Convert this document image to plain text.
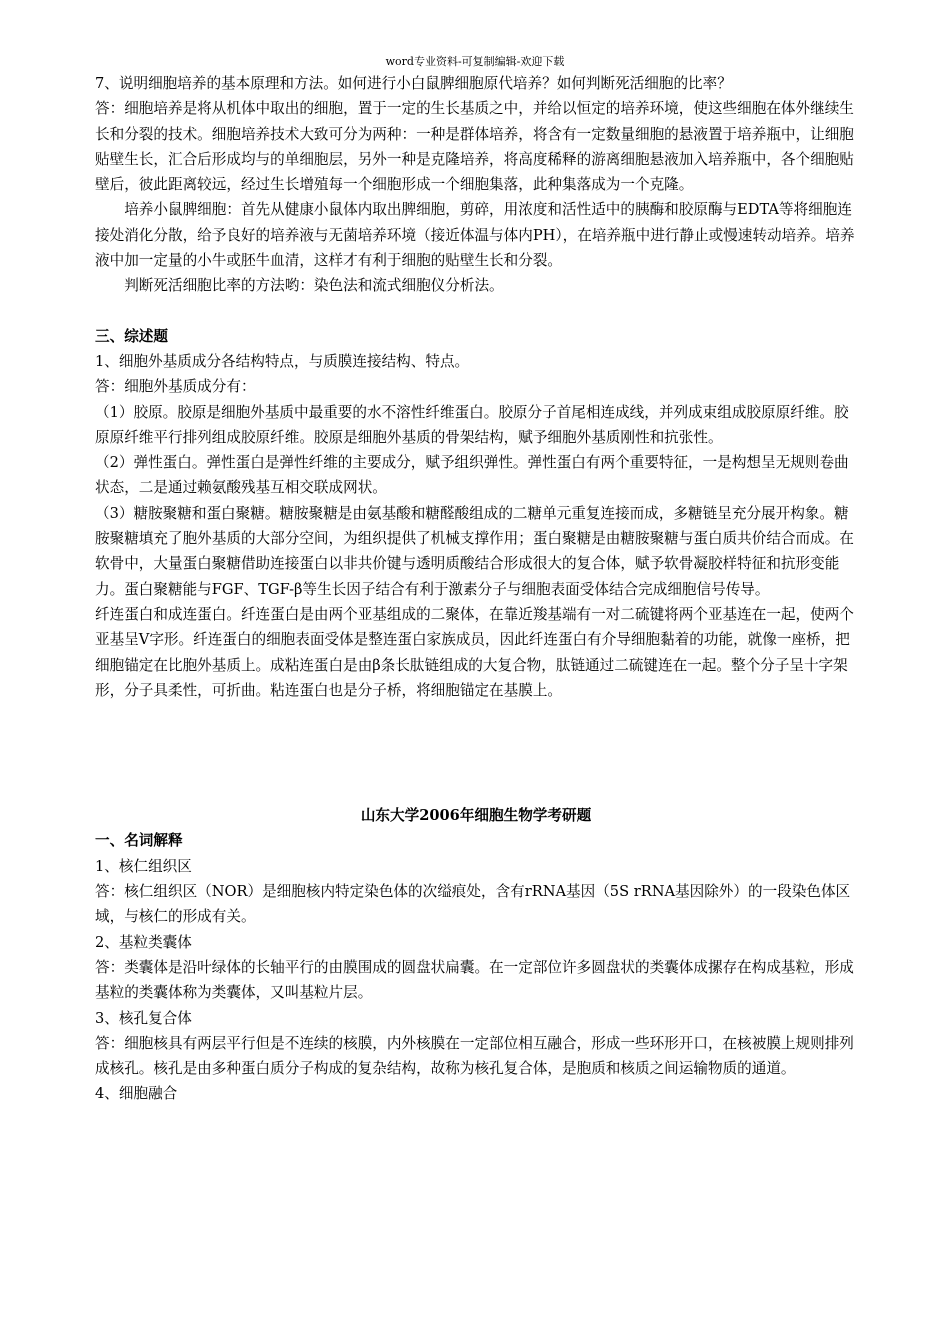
word专业资料-可复制编辑-欢迎下载

7、说明细胞培养的基本原理和方法。如何进行小白鼠脾细胞原代培养？如何判断死活细胞的比率？

答：细胞培养是将从机体中取出的细胞，置于一定的生长基质之中，并给以恒定的培养环境，使这些细胞在体外继续生长和分裂的技术。细胞培养技术大致可分为两种：一种是群体培养，将含有一定数量细胞的悬液置于培养瓶中，让细胞贴壁生长，汇合后形成均与的单细胞层，另外一种是克隆培养，将高度稀释的游离细胞悬液加入培养瓶中，各个细胞贴壁后，彼此距离较远，经过生长增殖每一个细胞形成一个细胞集落，此种集落成为一个克隆。

培养小鼠脾细胞：首先从健康小鼠体内取出脾细胞，剪碎，用浓度和活性适中的胰酶和胶原酶与EDTA等将细胞连接处消化分散，给予良好的培养液与无菌培养环境（接近体温与体内PH），在培养瓶中进行静止或慢速转动培养。培养液中加一定量的小牛或胚牛血清，这样才有利于细胞的贴壁生长和分裂。

判断死活细胞比率的方法哟：染色法和流式细胞仪分析法。

三、综述题

1、细胞外基质成分各结构特点，与质膜连接结构、特点。

答：细胞外基质成分有：

（1）胶原。胶原是细胞外基质中最重要的水不溶性纤维蛋白。胶原分子首尾相连成线，并列成束组成胶原原纤维。胶原原纤维平行排列组成胶原纤维。胶原是细胞外基质的骨架结构，赋予细胞外基质刚性和抗张性。

（2）弹性蛋白。弹性蛋白是弹性纤维的主要成分，赋予组织弹性。弹性蛋白有两个重要特征，一是构想呈无规则卷曲状态，二是通过赖氨酸残基互相交联成网状。

（3）糖胺聚糖和蛋白聚糖。糖胺聚糖是由氨基酸和糖醛酸组成的二糖单元重复连接而成，多糖链呈充分展开构象。糖胺聚糖填充了胞外基质的大部分空间，为组织提供了机械支撑作用；蛋白聚糖是由糖胺聚糖与蛋白质共价结合而成。在软骨中，大量蛋白聚糖借助连接蛋白以非共价键与透明质酸结合形成很大的复合体，赋予软骨凝胶样特征和抗形变能力。蛋白聚糖能与FGF、TGF-β等生长因子结合有利于激素分子与细胞表面受体结合完成细胞信号传导。

纤连蛋白和成连蛋白。纤连蛋白是由两个亚基组成的二聚体，在靠近羧基端有一对二硫键将两个亚基连在一起，使两个亚基呈V字形。纤连蛋白的细胞表面受体是整连蛋白家族成员，因此纤连蛋白有介导细胞黏着的功能，就像一座桥，把细胞锚定在比胞外基质上。成粘连蛋白是由β条长肽链组成的大复合物，肽链通过二硫键连在一起。整个分子呈十字架形，分子具柔性，可折曲。粘连蛋白也是分子桥，将细胞锚定在基膜上。

山东大学2006年细胞生物学考研题

一、名词解释

1、核仁组织区

答：核仁组织区（NOR）是细胞核内特定染色体的次缢痕处，含有rRNA基因（5S rRNA基因除外）的一段染色体区域，与核仁的形成有关。

2、基粒类囊体

答：类囊体是沿叶绿体的长轴平行的由膜围成的圆盘状扁囊。在一定部位许多圆盘状的类囊体成摞存在构成基粒，形成基粒的类囊体称为类囊体，又叫基粒片层。

3、核孔复合体

答：细胞核具有两层平行但是不连续的核膜，内外核膜在一定部位相互融合，形成一些环形开口，在核被膜上规则排列成核孔。核孔是由多种蛋白质分子构成的复杂结构，故称为核孔复合体，是胞质和核质之间运输物质的通道。

4、细胞融合
